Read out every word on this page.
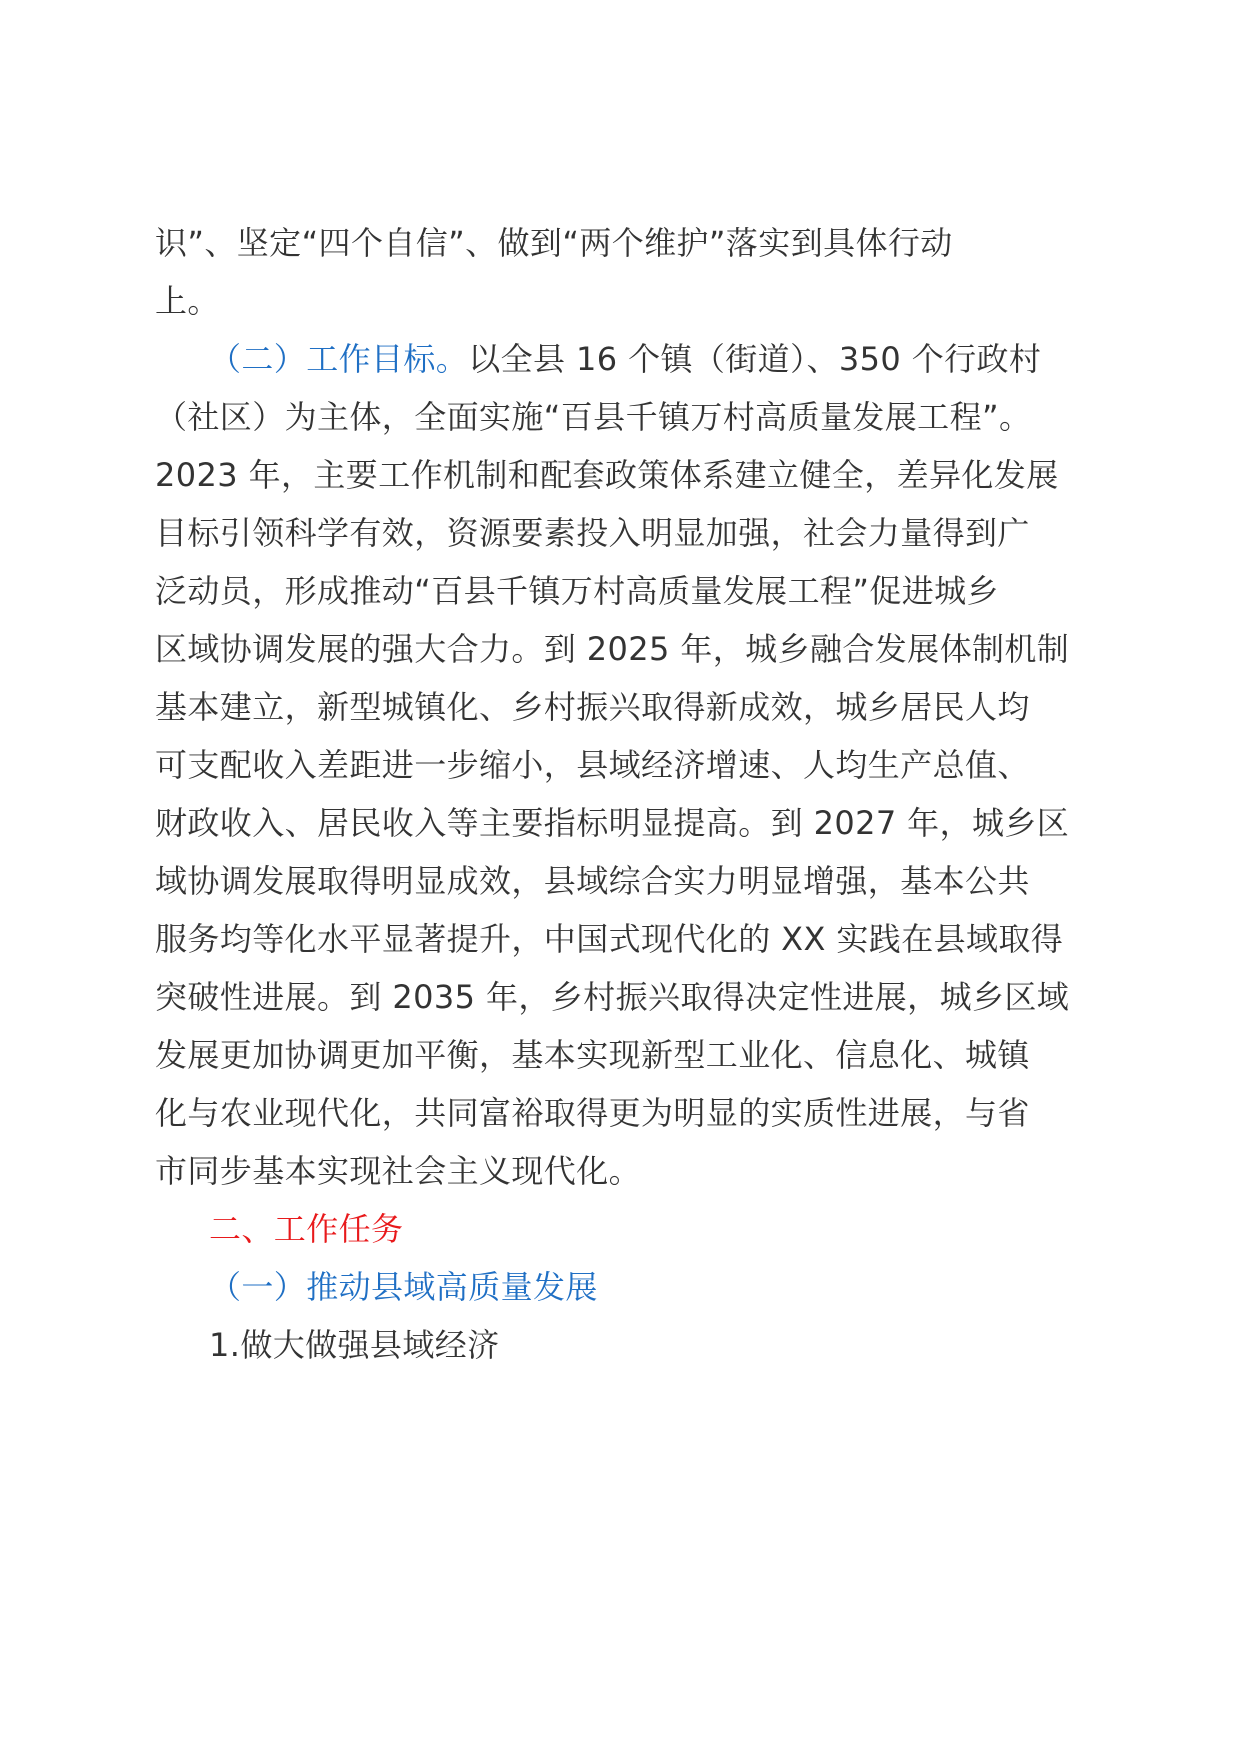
识”、坚定“四个自信”、做到“两个维护”落实到具体行动
上。
（二）工作目标。以全县 16 个镇（街道）、350 个行政村
（社区）为主体，全面实施“百县千镇万村高质量发展工程”。
2023 年，主要工作机制和配套政策体系建立健全，差异化发展
目标引领科学有效，资源要素投入明显加强，社会力量得到广
泛动员，形成推动“百县千镇万村高质量发展工程”促进城乡
区域协调发展的强大合力。到 2025 年，城乡融合发展体制机制
基本建立，新型城镇化、乡村振兴取得新成效，城乡居民人均
可支配收入差距进一步缩小，县域经济增速、人均生产总值、
财政收入、居民收入等主要指标明显提高。到 2027 年，城乡区
域协调发展取得明显成效，县域综合实力明显增强，基本公共
服务均等化水平显著提升，中国式现代化的 XX 实践在县域取得
突破性进展。到 2035 年，乡村振兴取得决定性进展，城乡区域
发展更加协调更加平衡，基本实现新型工业化、信息化、城镇
化与农业现代化，共同富裕取得更为明显的实质性进展，与省
市同步基本实现社会主义现代化。
二、工作任务
（一）推动县域高质量发展
1.做大做强县域经济
